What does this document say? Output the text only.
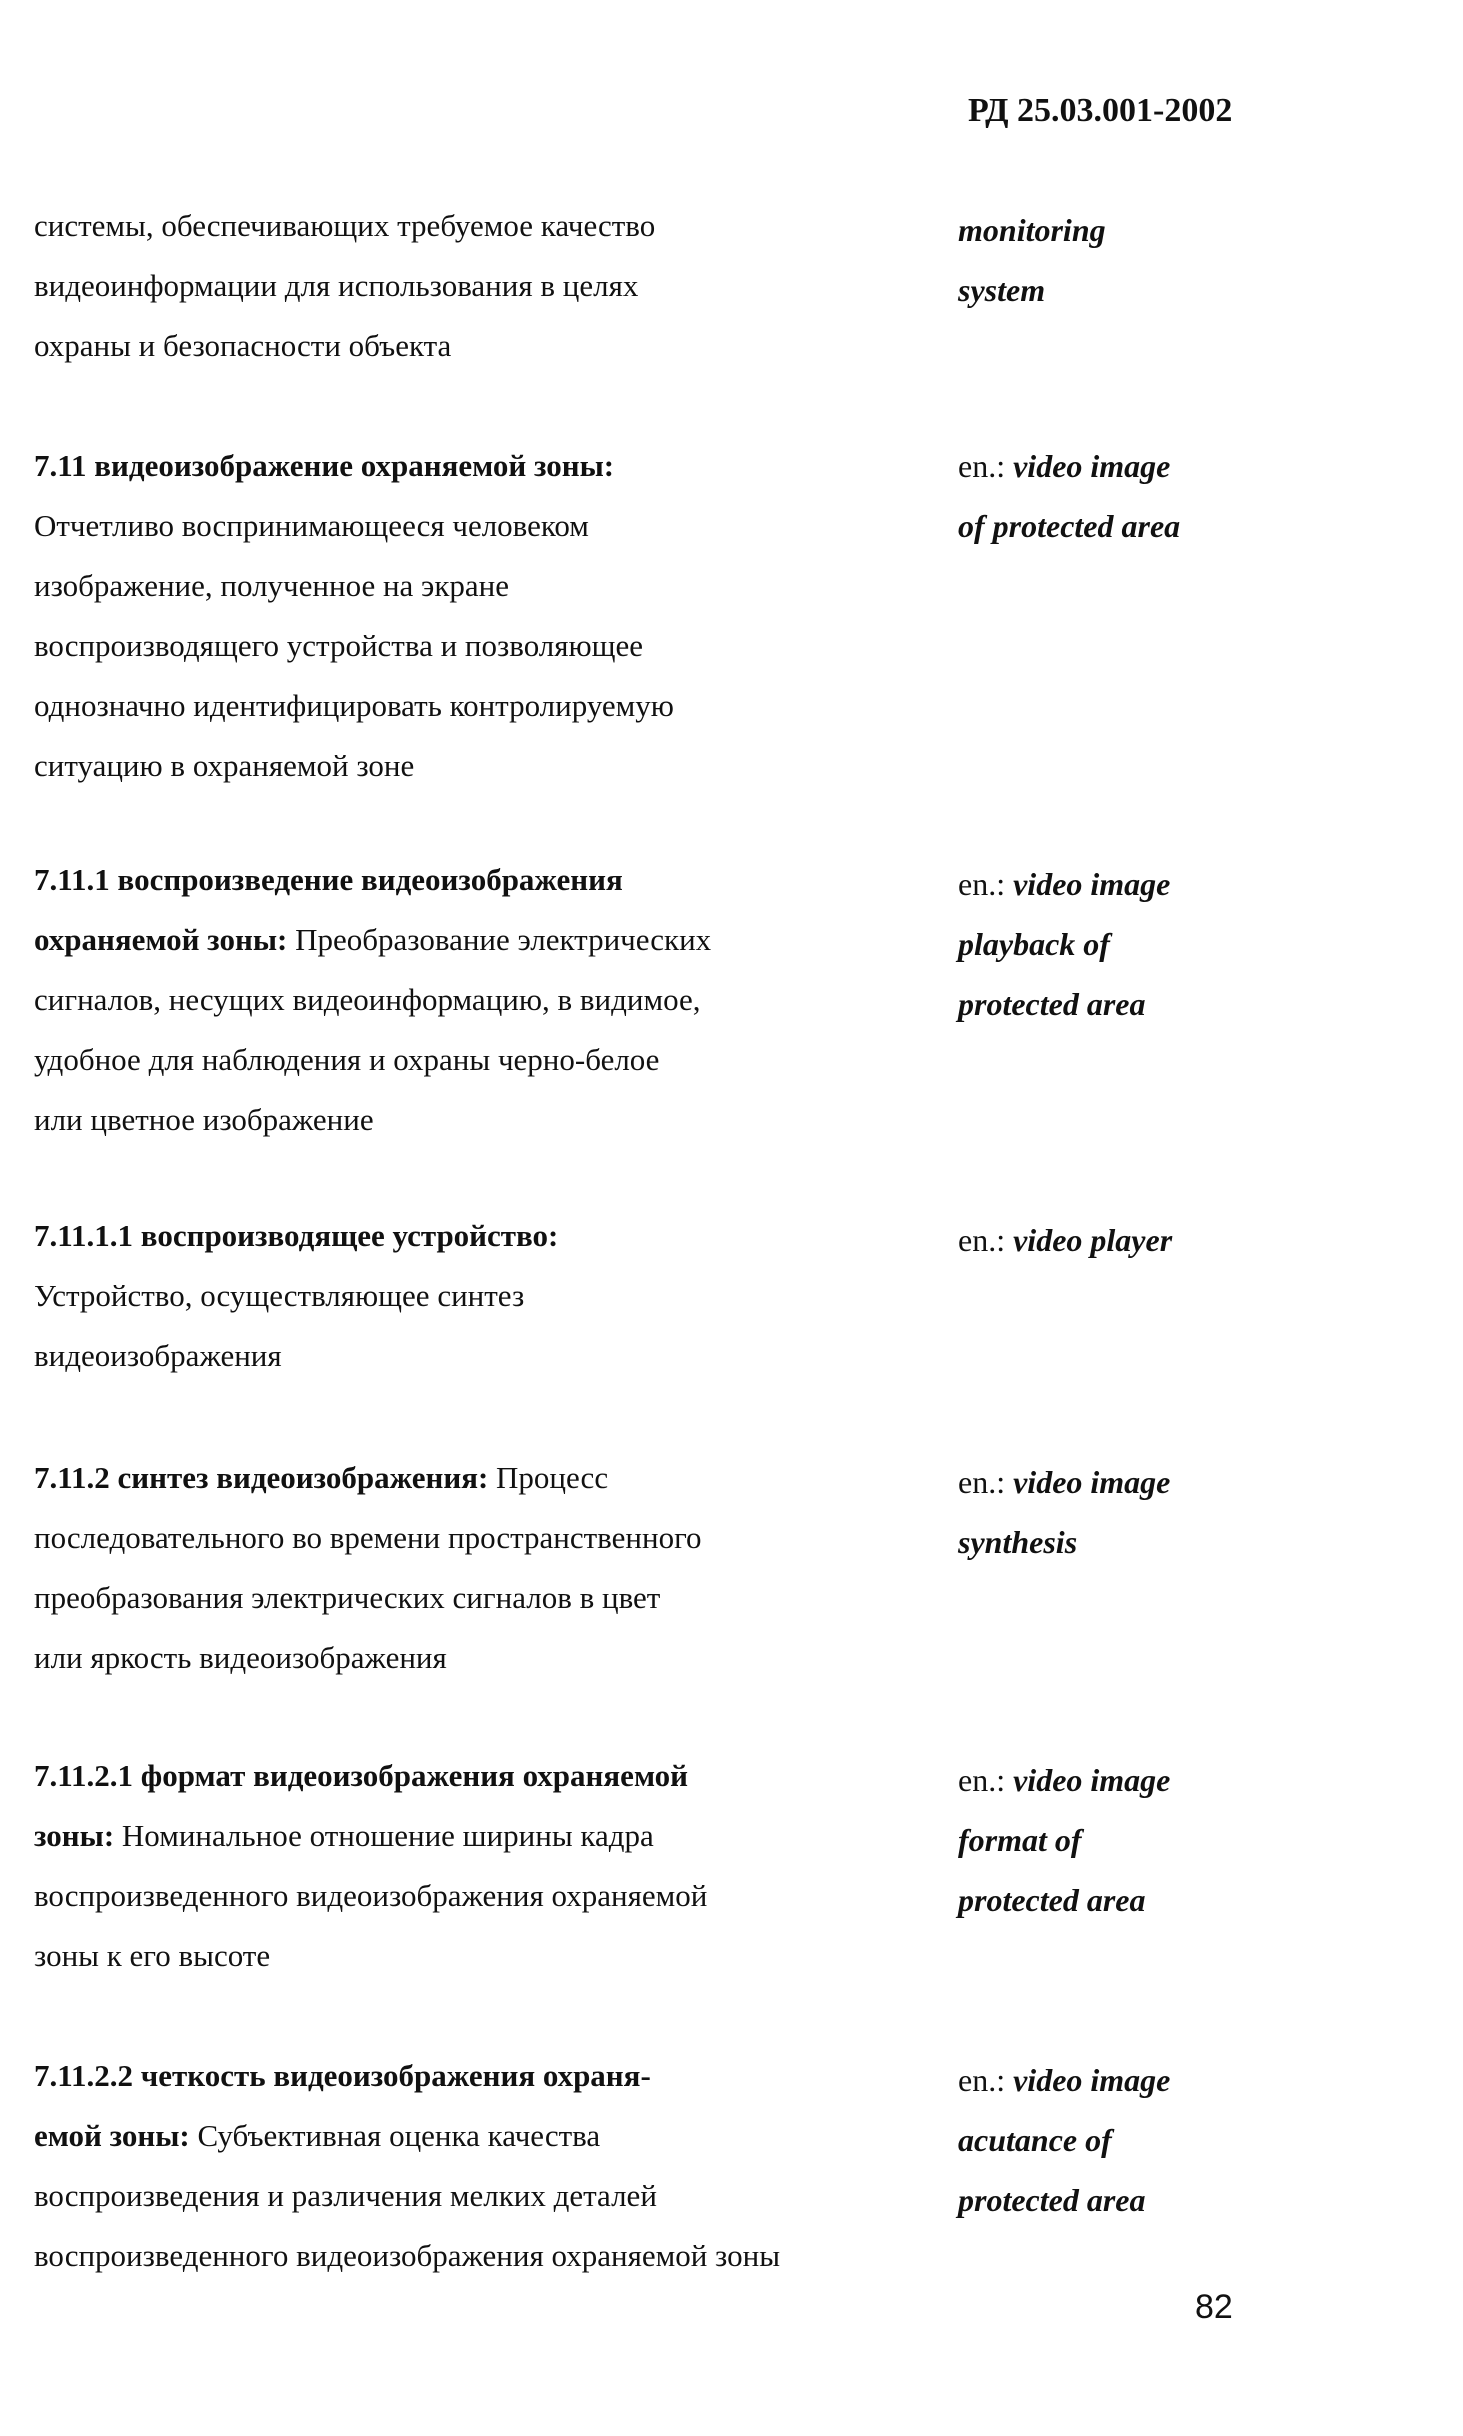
РД 25.03.001-2002
системы, обеспечивающих требуемое качество
видеоинформации для использования в целях
охраны и безопасности объекта
monitoring
system
7.11 видеоизображение охраняемой зоны:
Отчетливо воспринимающееся человеком
изображение, полученное на экране
воспроизводящего устройства и позволяющее
однозначно идентифицировать контролируемую
ситуацию в охраняемой зоне
en.: video image
of protected area
7.11.1 воспроизведение видеоизображения
охраняемой зоны: Преобразование электрических
сигналов, несущих видеоинформацию, в видимое,
удобное для наблюдения и охраны черно-белое
или цветное изображение
en.: video image
playback of
protected area
7.11.1.1 воспроизводящее устройство:
Устройство, осуществляющее синтез
видеоизображения
en.: video player
7.11.2 синтез видеоизображения: Процесс
последовательного во времени пространственного
преобразования электрических сигналов в цвет
или яркость видеоизображения
en.: video image
synthesis
7.11.2.1 формат видеоизображения охраняемой
зоны: Номинальное отношение ширины кадра
воспроизведенного видеоизображения охраняемой
зоны к его высоте
en.: video image
format of
protected area
7.11.2.2 четкость видеоизображения охраня-
емой зоны: Субъективная оценка качества
воспроизведения и различения мелких деталей
воспроизведенного видеоизображения охраняемой зоны
en.: video image
acutance of
protected area
82
